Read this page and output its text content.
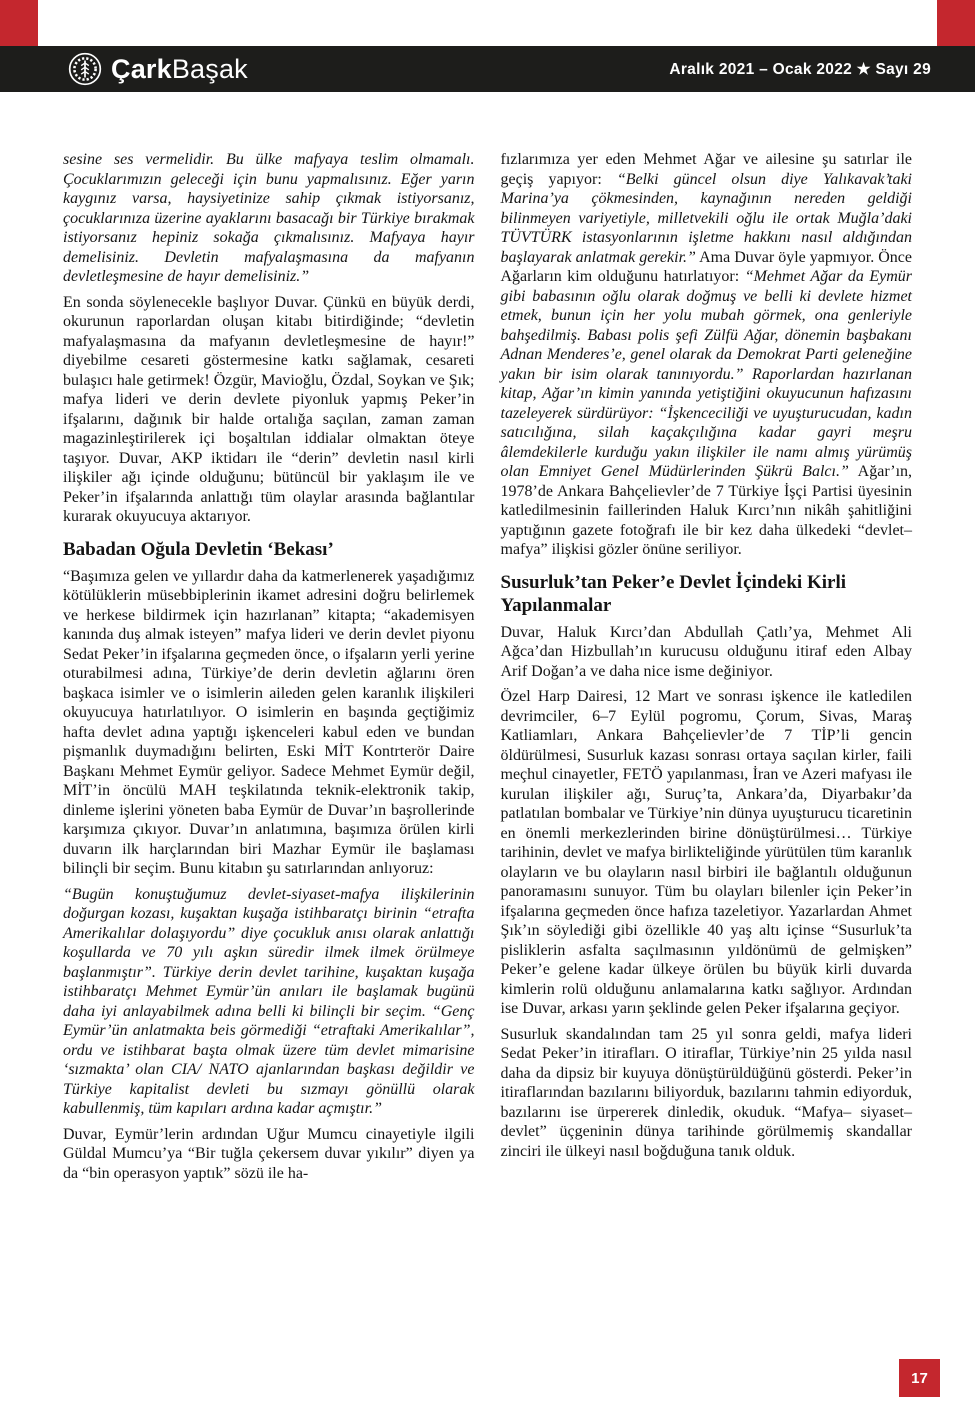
ÇarkBaşak	Aralık 2021 – Ocak 2022 ★ Sayı 29

sesine ses vermelidir. Bu ülke mafyaya teslim olmamalı. Çocuklarımızın geleceği için bunu yapmalısınız. Eğer yarın kaygınız varsa, haysiyetinize sahip çıkmak istiyorsanız, çocuklarınıza üzerine ayaklarını basacağı bir Türkiye bırakmak istiyorsanız hepiniz sokağa çıkmalısınız. Mafyaya hayır demelisiniz. Devletin mafyalaşmasına da mafyanın devletleşmesine de hayır demelisiniz.”

En sonda söylenecekle başlıyor Duvar. Çünkü en büyük derdi, okurunun raporlardan oluşan kitabı bitirdiğinde; “devletin mafyalaşmasına da mafyanın devletleşmesine de hayır!” diyebilme cesareti göstermesine katkı sağlamak, cesareti bulaşıcı hale getirmek! Özgür, Mavioğlu, Özdal, Soykan ve Şık; mafya lideri ve derin devlete piyonluk yapmış Peker’in ifşalarını, dağınık bir halde ortalığa saçılan, zaman zaman magazinleştirilerek içi boşaltılan iddialar olmaktan öteye taşıyor. Duvar, AKP iktidarı ile “derin” devletin nasıl kirli ilişkiler ağı içinde olduğunu; bütüncül bir yaklaşım ile ve Peker’in ifşalarında anlattığı tüm olaylar arasında bağlantılar kurarak okuyucuya aktarıyor.

Babadan Oğula Devletin ‘Bekası’

“Başımıza gelen ve yıllardır daha da katmerlenerek yaşadığımız kötülüklerin müsebbiplerinin ikamet adresini doğru belirlemek ve herkese bildirmek için hazırlanan” kitapta; “akademisyen kanında duş almak isteyen” mafya lideri ve derin devlet piyonu Sedat Peker’in ifşalarına geçmeden önce, o ifşaların yerli yerine oturabilmesi adına, Türkiye’de derin devletin ağlarını ören başkaca isimler ve o isimlerin aileden gelen karanlık ilişkileri okuyucuya hatırlatılıyor. O isimlerin en başında geçtiğimiz hafta devlet adına yaptığı işkenceleri kabul eden ve bundan pişmanlık duymadığını belirten, Eski MİT Kontrterör Daire Başkanı Mehmet Eymür geliyor. Sadece Mehmet Eymür değil, MİT’in öncülü MAH teşkilatında teknik-elektronik takip, dinleme işlerini yöneten baba Eymür de Duvar’ın başrollerinde karşımıza çıkıyor. Duvar’ın anlatımına, başımıza örülen kirli duvarın ilk harçlarından biri Mazhar Eymür ile başlaması bilinçli bir seçim. Bunu kitabın şu satırlarından anlıyoruz:

“Bugün konuştuğumuz devlet-siyaset-mafya ilişkilerinin doğurgan kozası, kuşaktan kuşağa istihbaratçı birinin “etrafta Amerikalılar dolaşıyordu” diye çocukluk anısı olarak anlattığı koşullarda ve 70 yılı aşkın süredir ilmek ilmek örülmeye başlanmıştır”. Türkiye derin devlet tarihine, kuşaktan kuşağa istihbaratçı Mehmet Eymür’ün anıları ile başlamak bugünü daha iyi anlayabilmek adına belli ki bilinçli bir seçim. “Genç Eymür’ün anlatmakta beis görmediği “etraftaki Amerikalılar”, ordu ve istihbarat başta olmak üzere tüm devlet mimarisine ‘sızmakta’ olan CIA/ NATO ajanlarından başkası değildir ve Türkiye kapitalist devleti bu sızmayı gönüllü olarak kabullenmiş, tüm kapıları ardına kadar açmıştır.”

Duvar, Eymür’lerin ardından Uğur Mumcu cinayetiyle ilgili Güldal Mumcu’ya “Bir tuğla çekersem duvar yıkılır” diyen ya da “bin operasyon yaptık” sözü ile ha-

fızlarımıza yer eden Mehmet Ağar ve ailesine şu satırlar ile geçiş yapıyor: “Belki güncel olsun diye Yalıkavak’taki Marina’ya çökmesinden, kaynağının nereden geldiği bilinmeyen variyetiyle, milletvekili oğlu ile ortak Muğla’daki TÜVTÜRK istasyonlarının işletme hakkını nasıl aldığından başlayarak anlatmak gerekir.” Ama Duvar öyle yapmıyor. Önce Ağarların kim olduğunu hatırlatıyor: “Mehmet Ağar da Eymür gibi babasının oğlu olarak doğmuş ve belli ki devlete hizmet etmek, bunun için her yolu mubah görmek, ona genleriyle bahşedilmiş. Babası polis şefi Zülfü Ağar, dönemin başbakanı Adnan Menderes’e, genel olarak da Demokrat Parti geleneğine yakın bir isim olarak tanınıyordu.” Raporlardan hazırlanan kitap, Ağar’ın kimin yanında yetiştiğini okuyucunun hafızasını tazeleyerek sürdürüyor: “İşkenceciliği ve uyuşturucudan, kadın satıcılığına, silah kaçakçılığına kadar gayri meşru âlemdekilerle kurduğu yakın ilişkiler ile namı almış yürümüş olan Emniyet Genel Müdürlerinden Şükrü Balcı.” Ağar’ın, 1978’de Ankara Bahçelievler’de 7 Türkiye İşçi Partisi üyesinin katledilmesinin faillerinden Haluk Kırcı’nın nikâh şahitliğini yaptığının gazete fotoğrafı ile bir kez daha ülkedeki “devlet– mafya” ilişkisi gözler önüne seriliyor.

Susurluk’tan Peker’e Devlet İçindeki Kirli Yapılanmalar

Duvar, Haluk Kırcı’dan Abdullah Çatlı’ya, Mehmet Ali Ağca’dan Hizbullah’ın kurucusu olduğunu itiraf eden Albay Arif Doğan’a ve daha nice isme değiniyor.

Özel Harp Dairesi, 12 Mart ve sonrası işkence ile katledilen devrimciler, 6–7 Eylül pogromu, Çorum, Sivas, Maraş Katliamları, Ankara Bahçelievler’de 7 TİP’li gencin öldürülmesi, Susurluk kazası sonrası ortaya saçılan kirler, faili meçhul cinayetler, FETÖ yapılanması, İran ve Azeri mafyası ile kurulan ilişkiler ağı, Suruç’ta, Ankara’da, Diyarbakır’da patlatılan bombalar ve Türkiye’nin dünya uyuşturucu ticaretinin en önemli merkezlerinden birine dönüştürülmesi… Türkiye tarihinin, devlet ve mafya birlikteliğinde yürütülen tüm karanlık olayların ve bu olayların nasıl birbiri ile bağlantılı olduğunun panoramasını sunuyor. Tüm bu olayları bilenler için Peker’in ifşalarına geçmeden önce hafıza tazeletiyor. Yazarlardan Ahmet Şık’ın söylediği gibi özellikle 40 yaş altı içinse “Susurluk’ta pisliklerin asfalta saçılmasının yıldönümü de gelmişken” Peker’e gelene kadar ülkeye örülen bu büyük kirli duvarda kimlerin rolü olduğunu anlamalarına katkı sağlıyor. Ardından ise Duvar, arkası yarın şeklinde gelen Peker ifşalarına geçiyor.

Susurluk skandalından tam 25 yıl sonra geldi, mafya lideri Sedat Peker’in itirafları. O itiraflar, Türkiye’nin 25 yılda nasıl daha da dipsiz bir kuyuya dönüştürüldüğünü gösterdi. Peker’in itiraflarından bazılarını biliyorduk, bazılarını tahmin ediyorduk, bazılarını ise ürpererek dinledik, okuduk. “Mafya– siyaset– devlet” üçgeninin dünya tarihinde görülmemiş skandallar zinciri ile ülkeyi nasıl boğduğuna tanık olduk.

17
